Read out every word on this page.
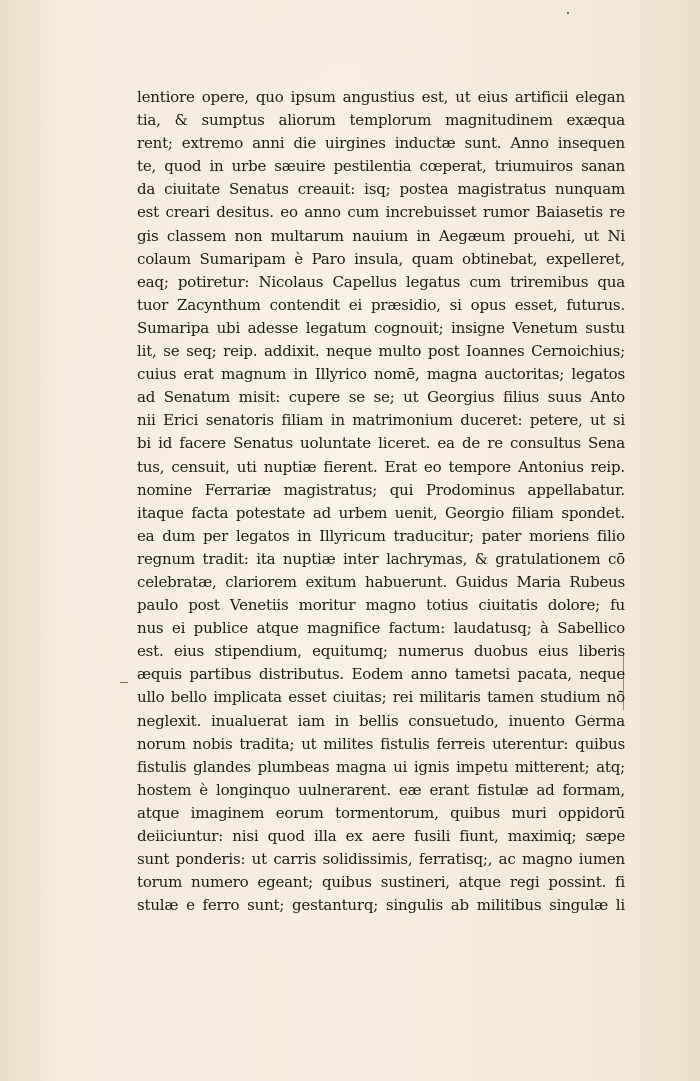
lentiore opere, quo ipsum angustius est, ut eius artificii elegan
tia, & sumptus aliorum templorum magnitudinem exæqua
rent; extremo anni die uirgines inductæ sunt. Anno insequen
te, quod in urbe sæuire pestilentia cœperat, triumuiros sanan
da ciuitate Senatus creauit: isq; postea magistratus nunquam
est creari desitus. eo anno cum increbuisset rumor Baiasetis re
gis classem non multarum nauium in Aegæum prouehi, ut Ni
colaum Sumaripam è Paro insula, quam obtinebat, expelleret,
eaq; potiretur: Nicolaus Capellus legatus cum triremibus qua
tuor Zacynthum contendit ei præsidio, si opus esset, futurus.
Sumaripa ubi adesse legatum cognouit; insigne Venetum sustu
lit, se seq; reip. addixit. neque multo post Ioannes Cernoichius;
cuius erat magnum in Illyrico nomē, magna auctoritas; legatos
ad Senatum misit: cupere se se; ut Georgius filius suus Anto
nii Erici senatoris filiam in matrimonium duceret: petere, ut si
bi id facere Senatus uoluntate liceret. ea de re consultus Sena
tus, censuit, uti nuptiæ fierent. Erat eo tempore Antonius reip.
nomine Ferrariæ magistratus; qui Prodominus appellabatur.
itaque facta potestate ad urbem uenit, Georgio filiam spondet.
ea dum per legatos in Illyricum traducitur; pater moriens filio
regnum tradit: ita nuptiæ inter lachrymas, & gratulationem cō
celebratæ, clariorem exitum habuerunt. Guidus Maria Rubeus
paulo post Venetiis moritur magno totius ciuitatis dolore; fu
nus ei publice atque magnifice factum: laudatusq; à Sabellico
est. eius stipendium, equitumq; numerus duobus eius liberis
æquis partibus distributus. Eodem anno tametsi pacata, neque
ullo bello implicata esset ciuitas; rei militaris tamen studium nō
neglexit. inualuerat iam in bellis consuetudo, inuento Germa
norum nobis tradita; ut milites fistulis ferreis uterentur: quibus
fistulis glandes plumbeas magna ui ignis impetu mitterent; atq;
hostem è longinquo uulnerarent. eæ erant fistulæ ad formam,
atque imaginem eorum tormentorum, quibus muri oppidorū
deiiciuntur: nisi quod illa ex aere fusili fiunt, maximiq; sæpe
sunt ponderis: ut carris solidissimis, ferratisq;, ac magno iumen
torum numero egeant; quibus sustineri, atque regi possint. fi
stulæ e ferro sunt; gestanturq; singulis ab militibus singulæ li
